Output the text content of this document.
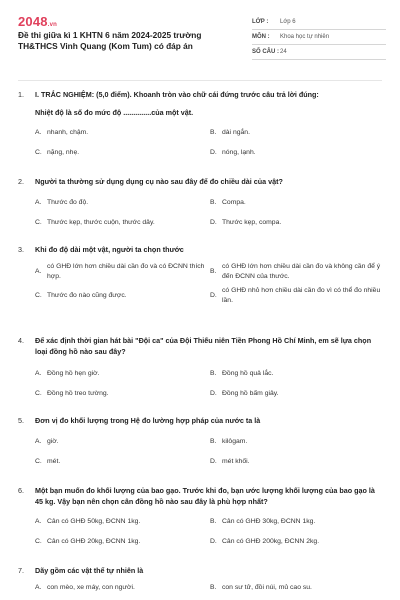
2048.vn
Đề thi giữa kì 1 KHTN 6 năm 2024-2025 trường TH&THCS Vinh Quang (Kom Tum) có đáp án
LỚP :	Lớp 6
MÔN :	Khoa học tự nhiên
SỐ CÂU : 24
1.	I. TRẮC NGHIỆM: (5,0 điểm). Khoanh tròn vào chữ cái đứng trước câu trả lời đúng:
Nhiệt độ là số đo mức độ ..............của một vật.
A. nhanh, chậm.	B. dài ngắn.
C. nặng, nhẹ.	D. nóng, lạnh.
2.	Người ta thường sử dụng dụng cụ nào sau đây để đo chiều dài của vật?
A. Thước đo độ.	B. Compa.
C. Thước kẹp, thước cuộn, thước dây.	D. Thước kẹp, compa.
3.	Khi đo độ dài một vật, người ta chọn thước
A.
có GHĐ lớn hơn chiều dài cần đo và có ĐCNN thích hợp.
B.
có GHĐ lớn hơn chiều dài cần đo và không cần để ý đến ĐCNN của thước.
C. Thước đo nào cũng được.	D.
có GHĐ nhỏ hơn chiều dài cần đo vì có thể đo nhiều lần.
4.	Để xác định thời gian hát bài "Đội ca" của Đội Thiếu niên Tiền Phong Hồ Chí Minh, em sẽ lựa chọn loại đồng hồ nào sau đây?
A. Đồng hồ hẹn giờ.	B. Đồng hồ quả lắc.
C. Đồng hồ treo tường.	D. Đồng hồ bấm giây.
5.	Đơn vị đo khối lượng trong Hệ đo lường hợp pháp của nước ta là
A. giờ.	B. kilôgam.
C. mét.	D. mét khối.
6.	Một bạn muốn đo khối lượng của bao gạo. Trước khi đo, bạn ước lượng khối lượng của bao gạo là 45 kg. Vậy bạn nên chọn cân đồng hồ nào sau đây là phù hợp nhất?
A. Cân có GHĐ 50kg, ĐCNN 1kg.	B. Cân có GHĐ 30kg, ĐCNN 1kg.
C. Cân có GHĐ 20kg, ĐCNN 1kg.	D. Cân có GHĐ 200kg, ĐCNN 2kg.
7.	Dãy gồm các vật thể tự nhiên là
A. con mèo, xe máy, con người.	B. con sư tử, đồi núi, mủ cao su.
